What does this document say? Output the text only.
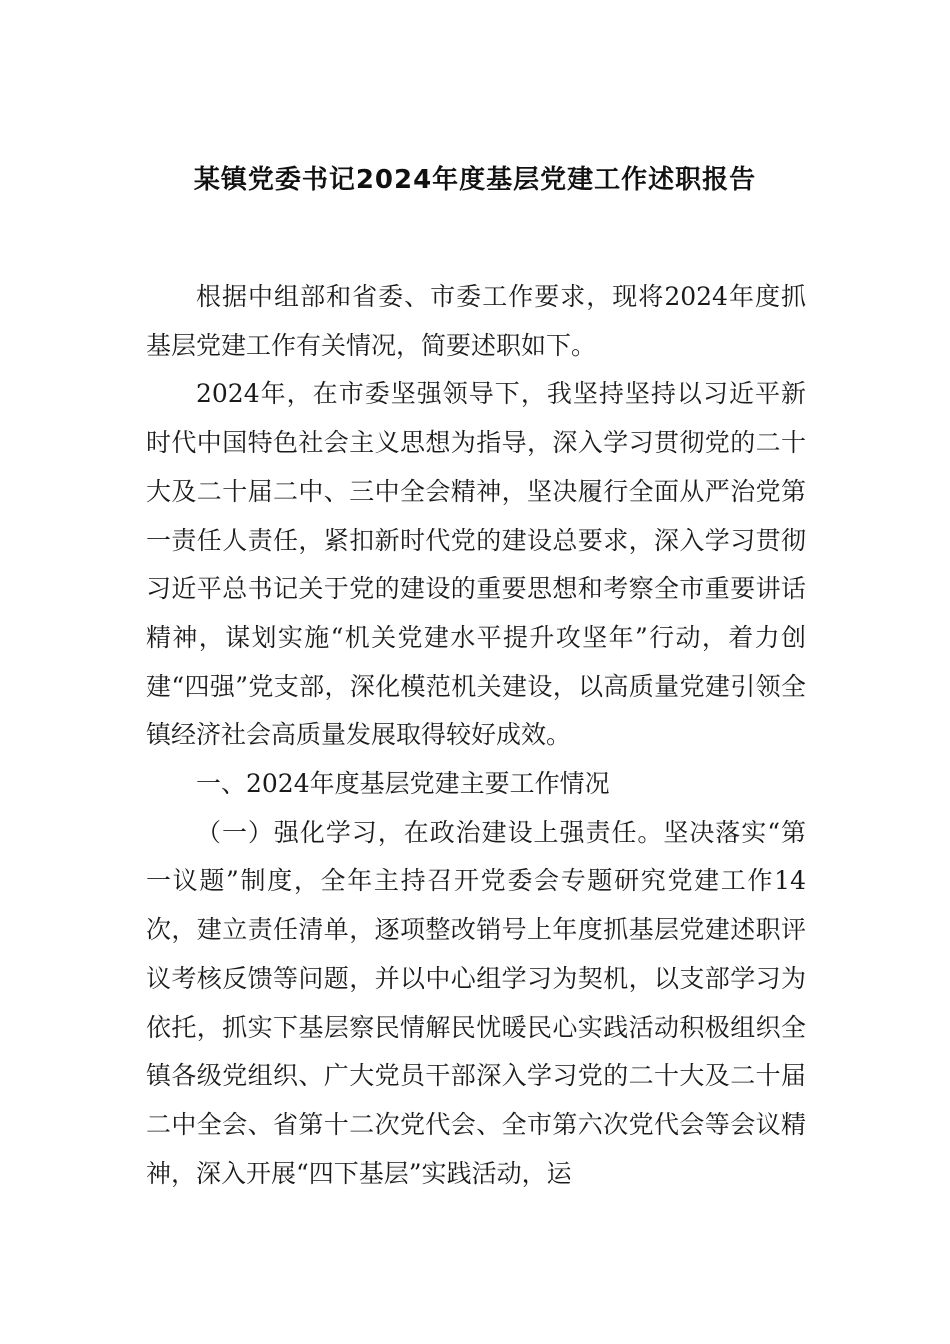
某镇党委书记2024年度基层党建工作述职报告

根据中组部和省委、市委工作要求，现将2024年度抓基层党建工作有关情况，简要述职如下。

2024年，在市委坚强领导下，我坚持坚持以习近平新时代中国特色社会主义思想为指导，深入学习贯彻党的二十大及二十届二中、三中全会精神，坚决履行全面从严治党第一责任人责任，紧扣新时代党的建设总要求，深入学习贯彻习近平总书记关于党的建设的重要思想和考察全市重要讲话精神，谋划实施“机关党建水平提升攻坚年”行动，着力创建“四强”党支部，深化模范机关建设，以高质量党建引领全镇经济社会高质量发展取得较好成效。

一、2024年度基层党建主要工作情况

（一）强化学习，在政治建设上强责任。坚决落实“第一议题”制度，全年主持召开党委会专题研究党建工作14次，建立责任清单，逐项整改销号上年度抓基层党建述职评议考核反馈等问题，并以中心组学习为契机，以支部学习为依托，抓实下基层察民情解民忧暖民心实践活动积极组织全镇各级党组织、广大党员干部深入学习党的二十大及二十届二中全会、省第十二次党代会、全市第六次党代会等会议精神，深入开展“四下基层”实践活动，运
